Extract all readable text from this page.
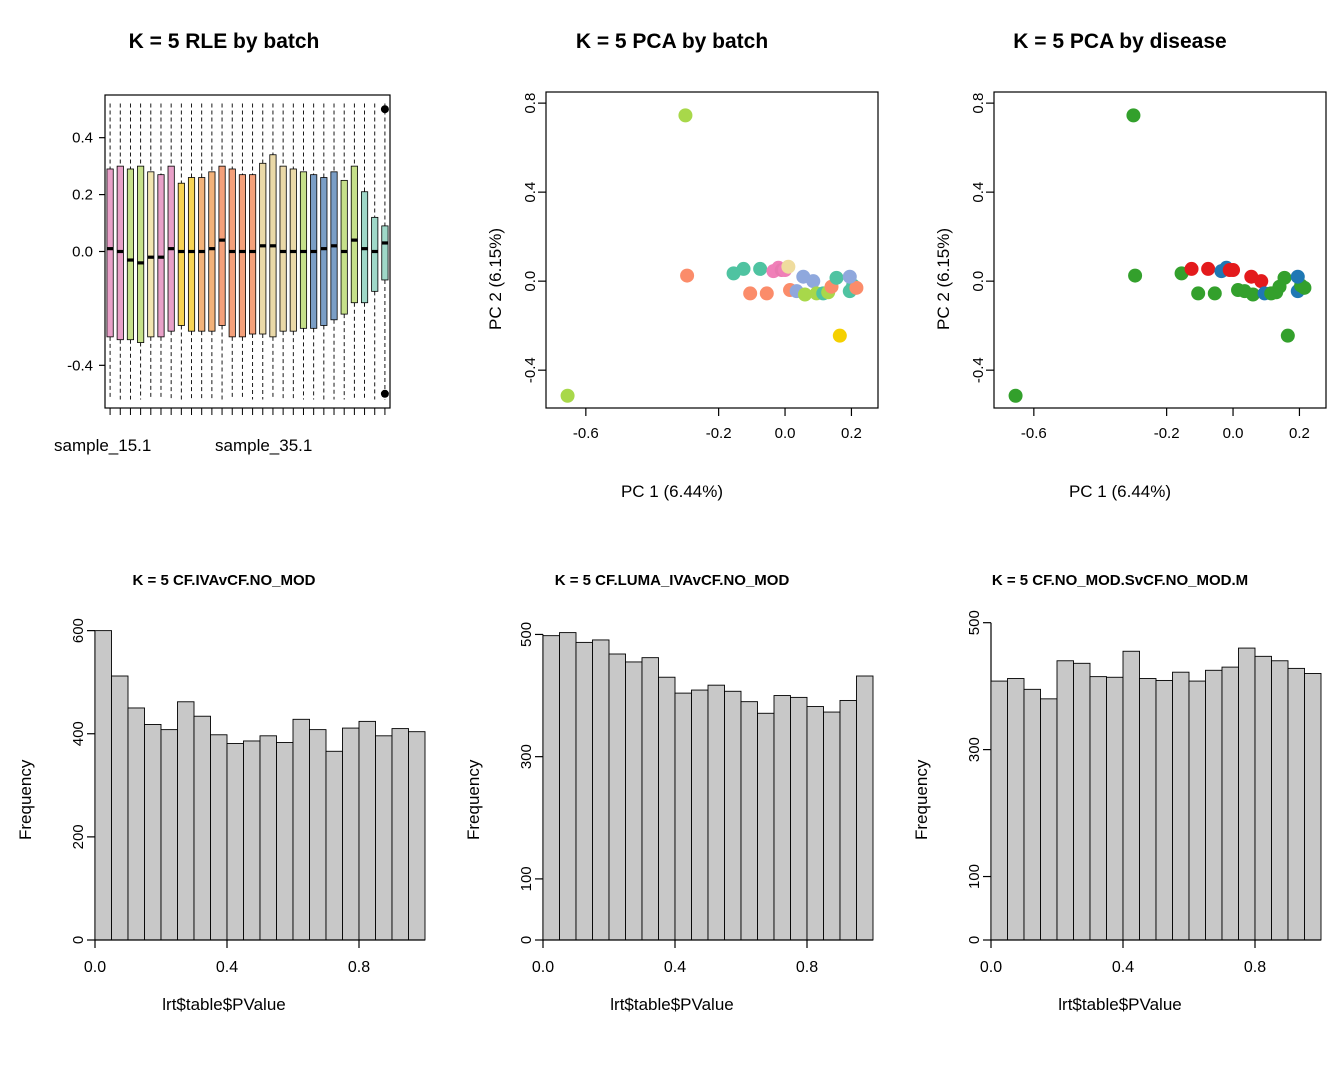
K = 5 RLE by batch
-0.4
0.0
0.2
0.4
sample_15.1	sample_35.1
K = 5 PCA by batch
-0.6	-0.2	0.0	0.2
-0.4
0.0
0.4
0.8
PC 1 (6.44%)
PC 2 (6.15%)
K = 5 PCA by disease
-0.6	-0.2	0.0	0.2
-0.4
0.0
0.4
0.8
PC 1 (6.44%)
PC 2 (6.15%)
K = 5 CF.IVAvCF.NO_MOD
0
200
400
600
0.0	0.4	0.8
lrt$table$PValue
Frequency
K = 5 CF.LUMA_IVAvCF.NO_MOD
0
100
300
500
0.0	0.4	0.8
lrt$table$PValue
Frequency
K = 5 CF.NO_MOD.SvCF.NO_MOD.M
0
100
300
500
0.0	0.4	0.8
lrt$table$PValue
Frequency
